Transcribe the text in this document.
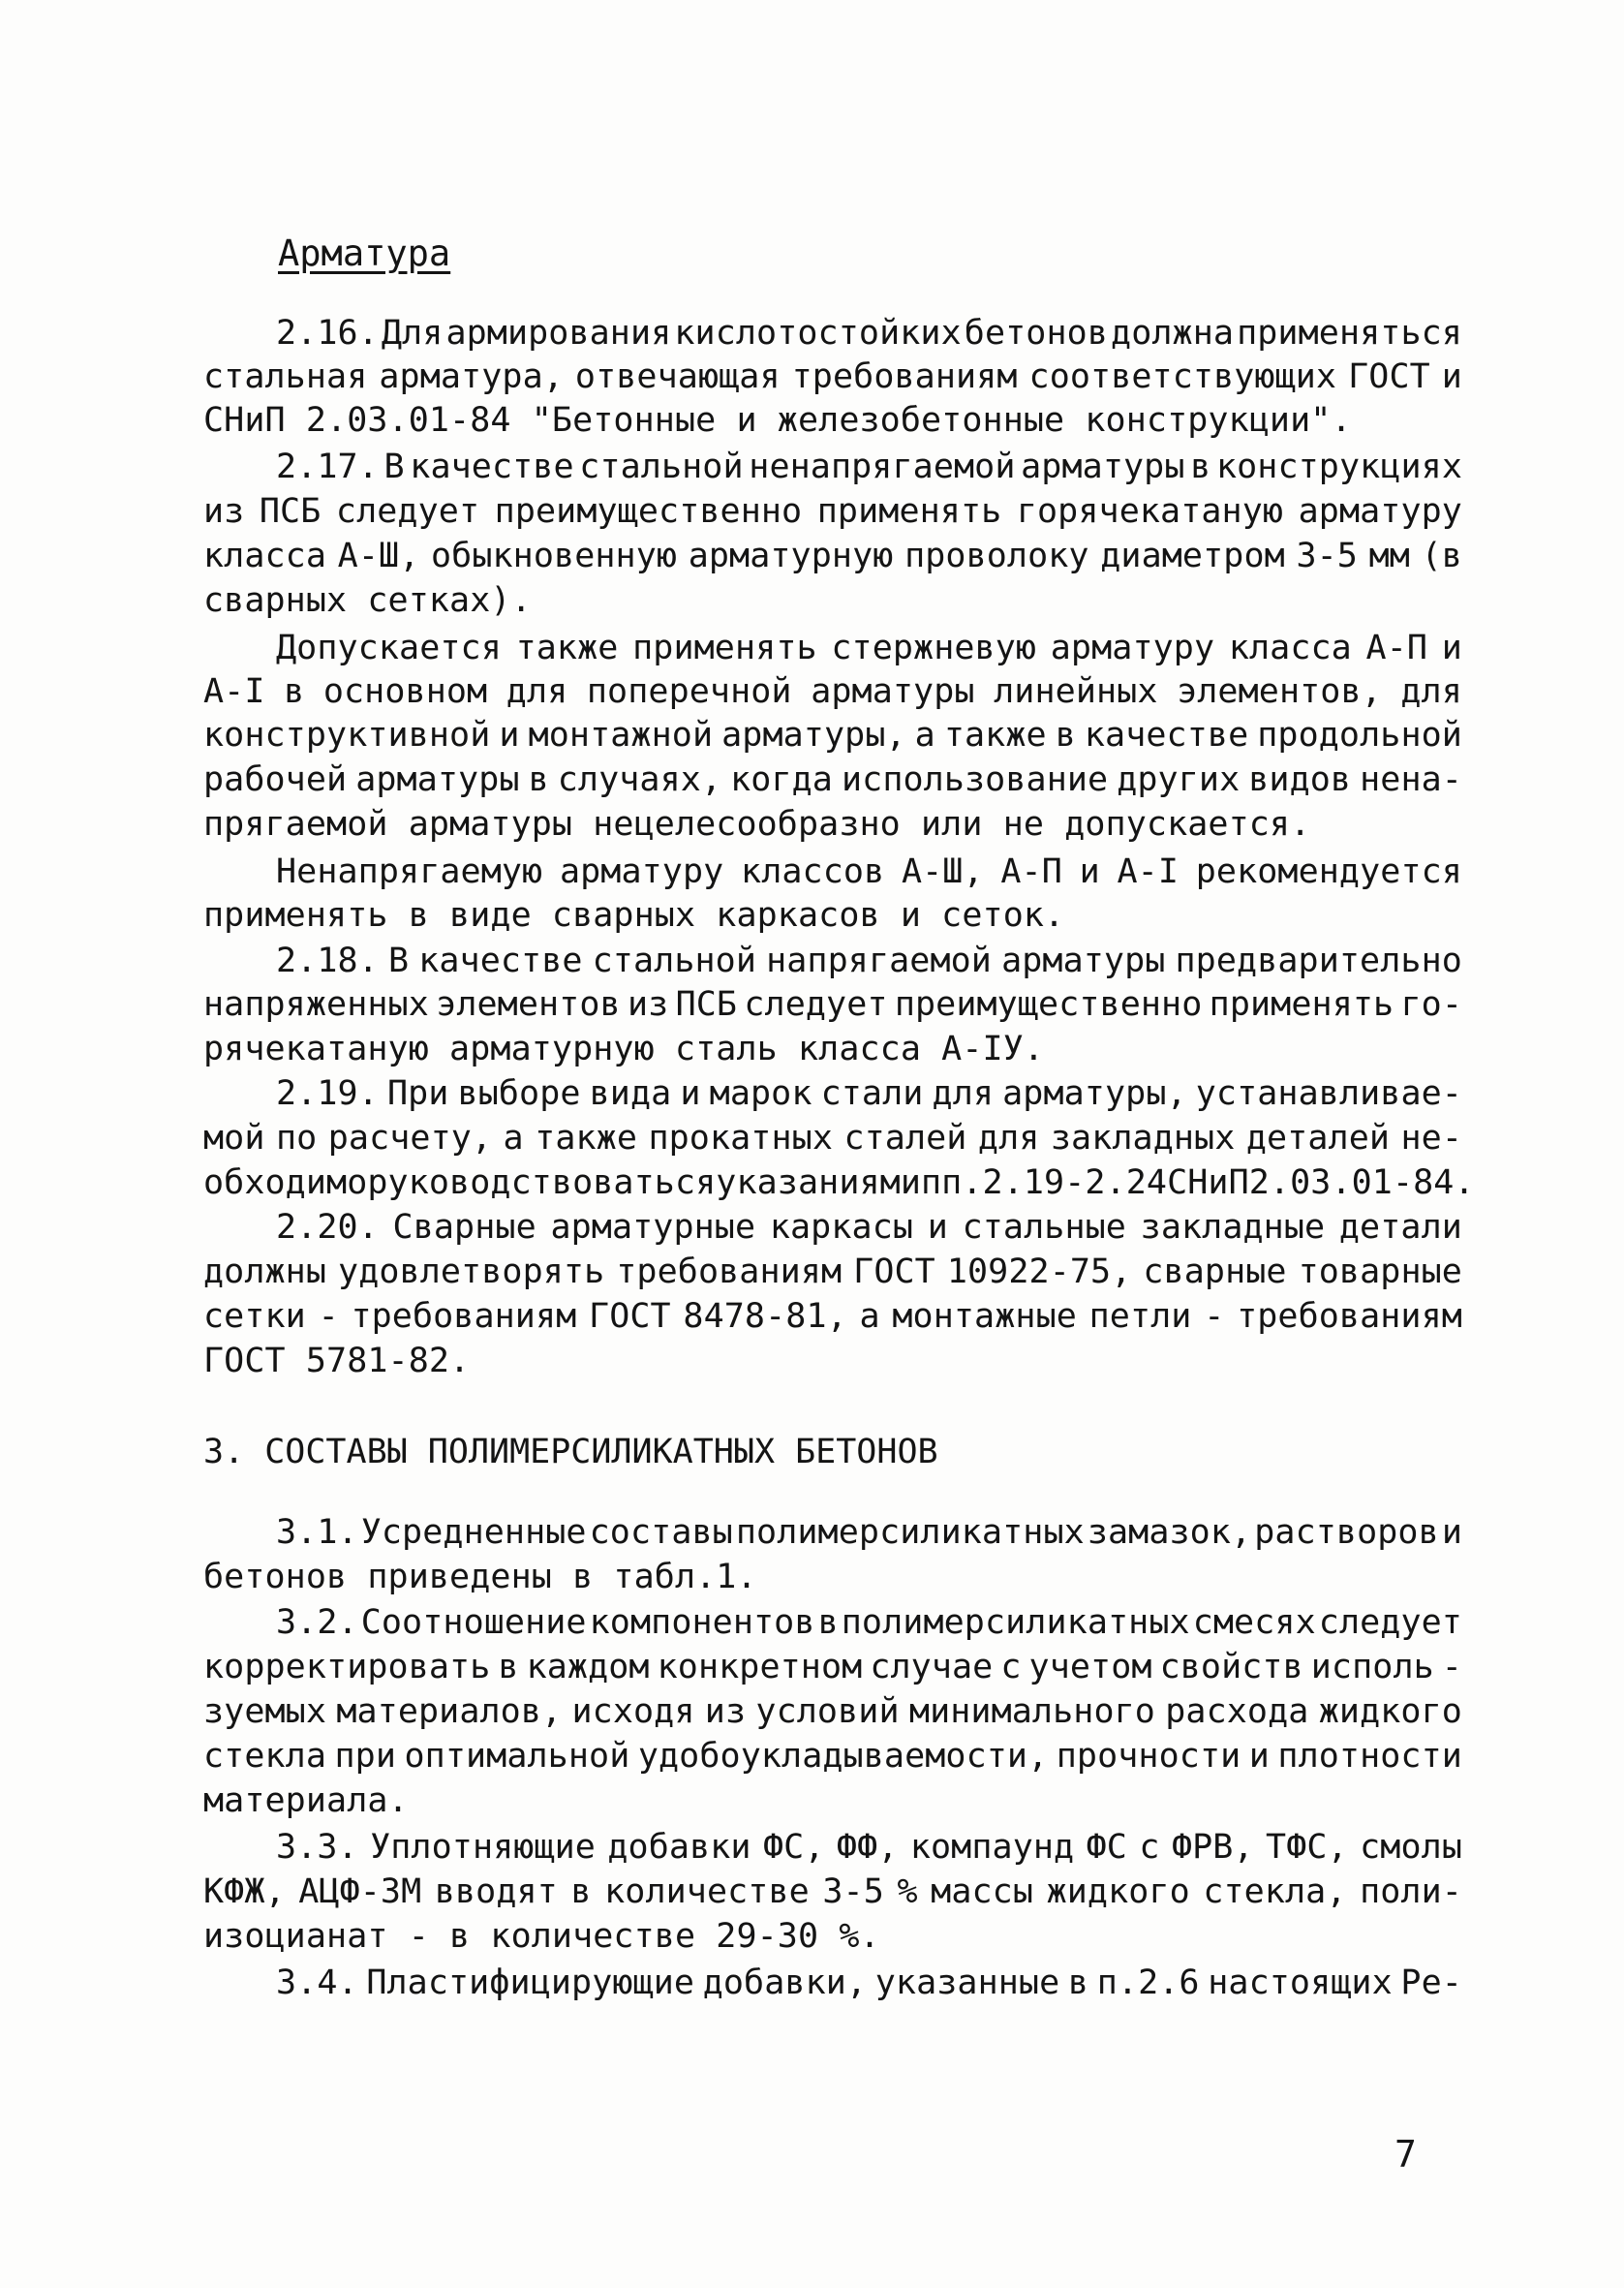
Арматура
2.16. Для армирования кислотостойких бетонов должна применяться
стальная арматура, отвечающая требованиям соответствующих ГОСТ и
СНиП 2.03.01-84 "Бетонные и железобетонные конструкции".
2.17. В качестве стальной ненапрягаемой арматуры в конструкциях
из ПСБ следует преимущественно применять горячекатаную арматуру
класса А-Ш, обыкновенную арматурную проволоку диаметром 3-5 мм (в
сварных сетках).
Допускается также применять стержневую арматуру класса А-П и
А-I в основном для поперечной арматуры линейных элементов, для
конструктивной и монтажной арматуры, а также в качестве продольной
рабочей арматуры в случаях, когда использование других видов нена-
прягаемой арматуры нецелесообразно или не допускается.
Ненапрягаемую арматуру классов А-Ш, А-П и А-I рекомендуется
применять в виде сварных каркасов и сеток.
2.18. В качестве стальной напрягаемой арматуры предварительно
напряженных элементов из ПСБ следует преимущественно применять го-
рячекатаную арматурную сталь класса А-IУ.
2.19. При выборе вида и марок стали для арматуры, устанавливае-
мой по расчету, а также прокатных сталей для закладных деталей не-
обходимо руководствоваться указаниями пп. 2.19-2.24 СНиП 2.03.01-84.
2.20. Сварные арматурные каркасы и стальные закладные детали
должны удовлетворять требованиям ГОСТ 10922-75, сварные товарные
сетки - требованиям ГОСТ 8478-81, а монтажные петли - требованиям
ГОСТ 5781-82.
3. СОСТАВЫ ПОЛИМЕРСИЛИКАТНЫХ БЕТОНОВ
3.1. Усредненные составы полимерсиликатных замазок, растворов и
бетонов приведены в табл.1.
3.2. Соотношение компонентов в полимерсиликатных смесях следует
корректировать в каждом конкретном случае с учетом свойств исполь -
зуемых материалов, исходя из условий минимального расхода жидкого
стекла при оптимальной удобоукладываемости, прочности и плотности
материала.
3.3. Уплотняющие добавки ФС, ФФ, компаунд ФС с ФРВ, ТФС, смолы
КФЖ, АЦФ-3М вводят в количестве 3-5 % массы жидкого стекла, поли-
изоцианат - в количестве 29-30 %.
3.4. Пластифицирующие добавки, указанные в п.2.6 настоящих Ре-
7
